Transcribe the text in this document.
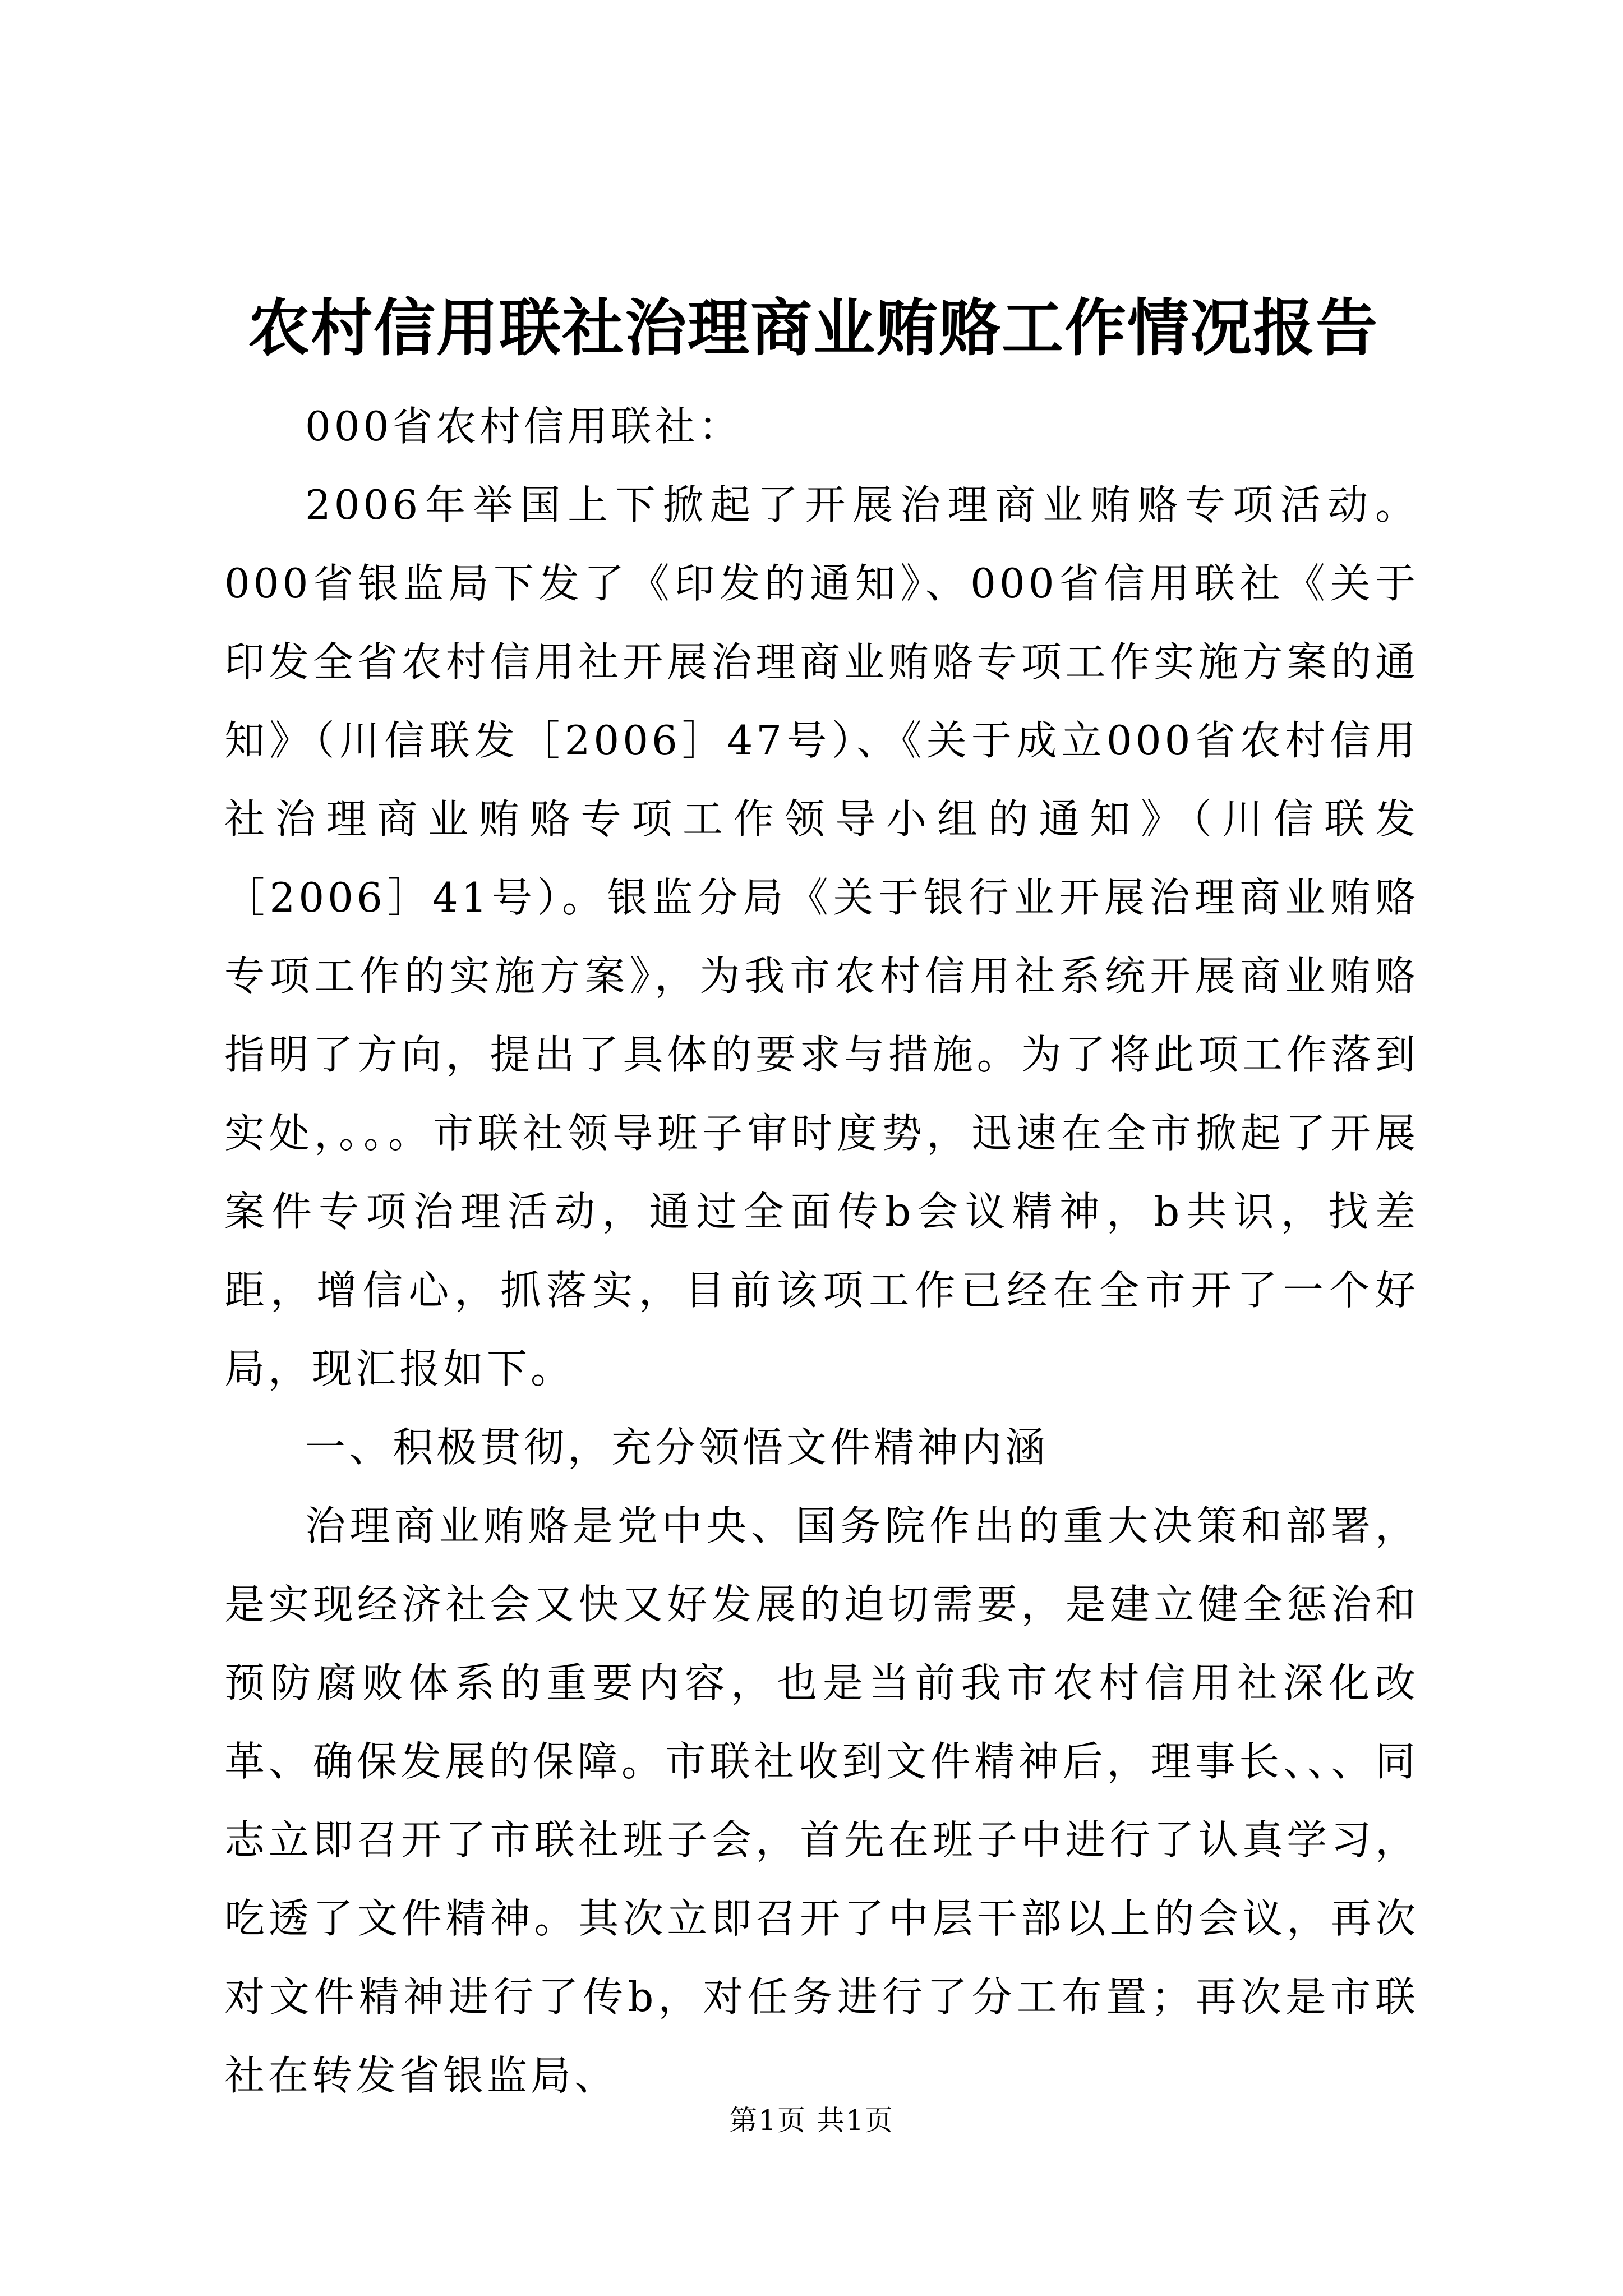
农村信用联社治理商业贿赂工作情况报告

000省农村信用联社：

2006年举国上下掀起了开展治理商业贿赂专项活动。000省银监局下发了《印发的通知》、000省信用联社《关于印发全省农村信用社开展治理商业贿赂专项工作实施方案的通知》（川信联发［2006］47号）、《关于成立000省农村信用社治理商业贿赂专项工作领导小组的通知》（川信联发［2006］41号）。银监分局《关于银行业开展治理商业贿赂专项工作的实施方案》，为我市农村信用社系统开展商业贿赂指明了方向，提出了具体的要求与措施。为了将此项工作落到实处，。。。市联社领导班子审时度势，迅速在全市掀起了开展案件专项治理活动，通过全面传b会议精神，b共识，找差距，增信心，抓落实，目前该项工作已经在全市开了一个好局，现汇报如下。

一、积极贯彻，充分领悟文件精神内涵

治理商业贿赂是党中央、国务院作出的重大决策和部署，是实现经济社会又快又好发展的迫切需要，是建立健全惩治和预防腐败体系的重要内容，也是当前我市农村信用社深化改革、确保发展的保障。市联社收到文件精神后，理事长、、、同志立即召开了市联社班子会，首先在班子中进行了认真学习，吃透了文件精神。其次立即召开了中层干部以上的会议，再次对文件精神进行了传b，对任务进行了分工布置；再次是市联社在转发省银监局、

第1页 共1页
